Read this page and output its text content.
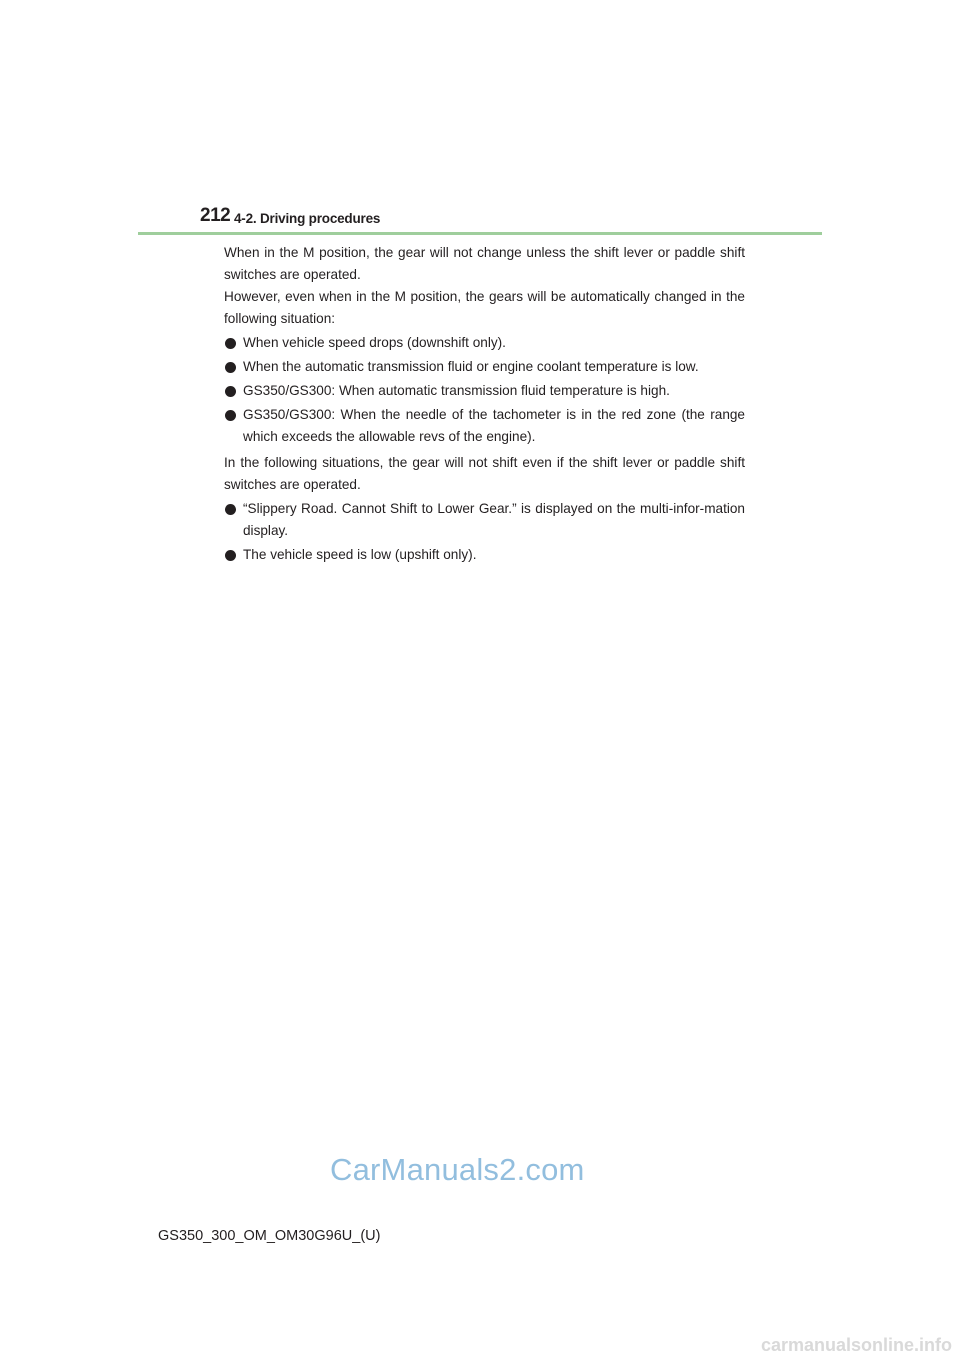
212 4-2. Driving procedures

When in the M position, the gear will not change unless the shift lever or paddle shift switches are operated.

However, even when in the M position, the gears will be automatically changed in the following situation:

When vehicle speed drops (downshift only).
When the automatic transmission fluid or engine coolant temperature is low.
GS350/GS300: When automatic transmission fluid temperature is high.
GS350/GS300: When the needle of the tachometer is in the red zone (the range which exceeds the allowable revs of the engine).

In the following situations, the gear will not shift even if the shift lever or paddle shift switches are operated.

“Slippery Road. Cannot Shift to Lower Gear.” is displayed on the multi-infor-mation display.
The vehicle speed is low (upshift only).
CarManuals2.com
GS350_300_OM_OM30G96U_(U)
carmanualsonline.info
